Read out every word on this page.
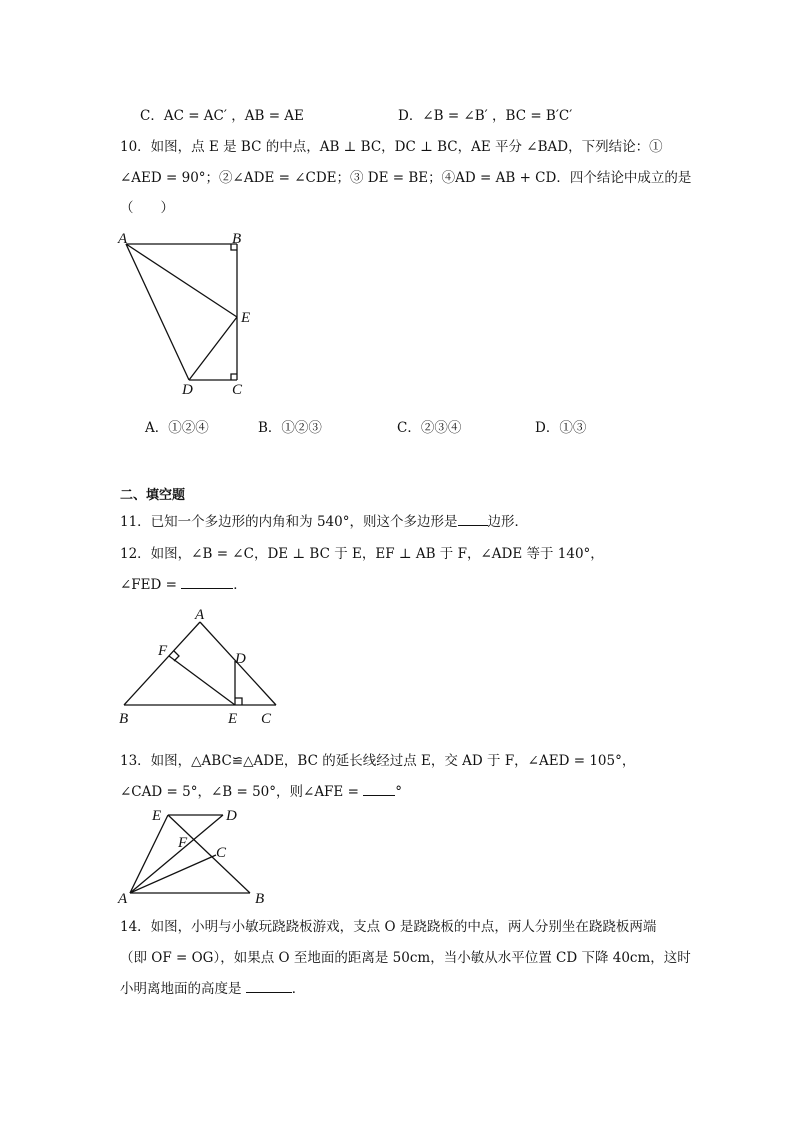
C．AC = AC′ ，AB = AE	D．∠B = ∠B′ ，BC = B′C′
10．如图，点 E 是 BC 的中点，AB ⊥ BC，DC ⊥ BC，AE 平分 ∠BAD，下列结论：①
∠AED = 90°；②∠ADE = ∠CDE；③ DE = BE；④AD = AB + CD．四个结论中成立的是
（　　）
A	B
E
D	C
A．①②④	B．①②③	C．②③④	D．①③
二、填空题
11．已知一个多边形的内角和为 540°，则这个多边形是 边形．
12．如图，∠B = ∠C，DE ⊥ BC 于 E，EF ⊥ AB 于 F，∠ADE 等于 140°，
∠FED =	．
A
F	D
B	E C
13．如图，△ABC≌△ADE，BC 的延长线经过点 E，交 AD 于 F，∠AED = 105°，
∠CAD = 5°，∠B = 50°，则∠AFE =	°
E	D
F
C
A	B
14．如图，小明与小敏玩跷跷板游戏，支点 O 是跷跷板的中点，两人分别坐在跷跷板两端
（即 OF = OG），如果点 O 至地面的距离是 50cm，当小敏从水平位置 CD 下降 40cm，这时
小明离地面的高度是	．
